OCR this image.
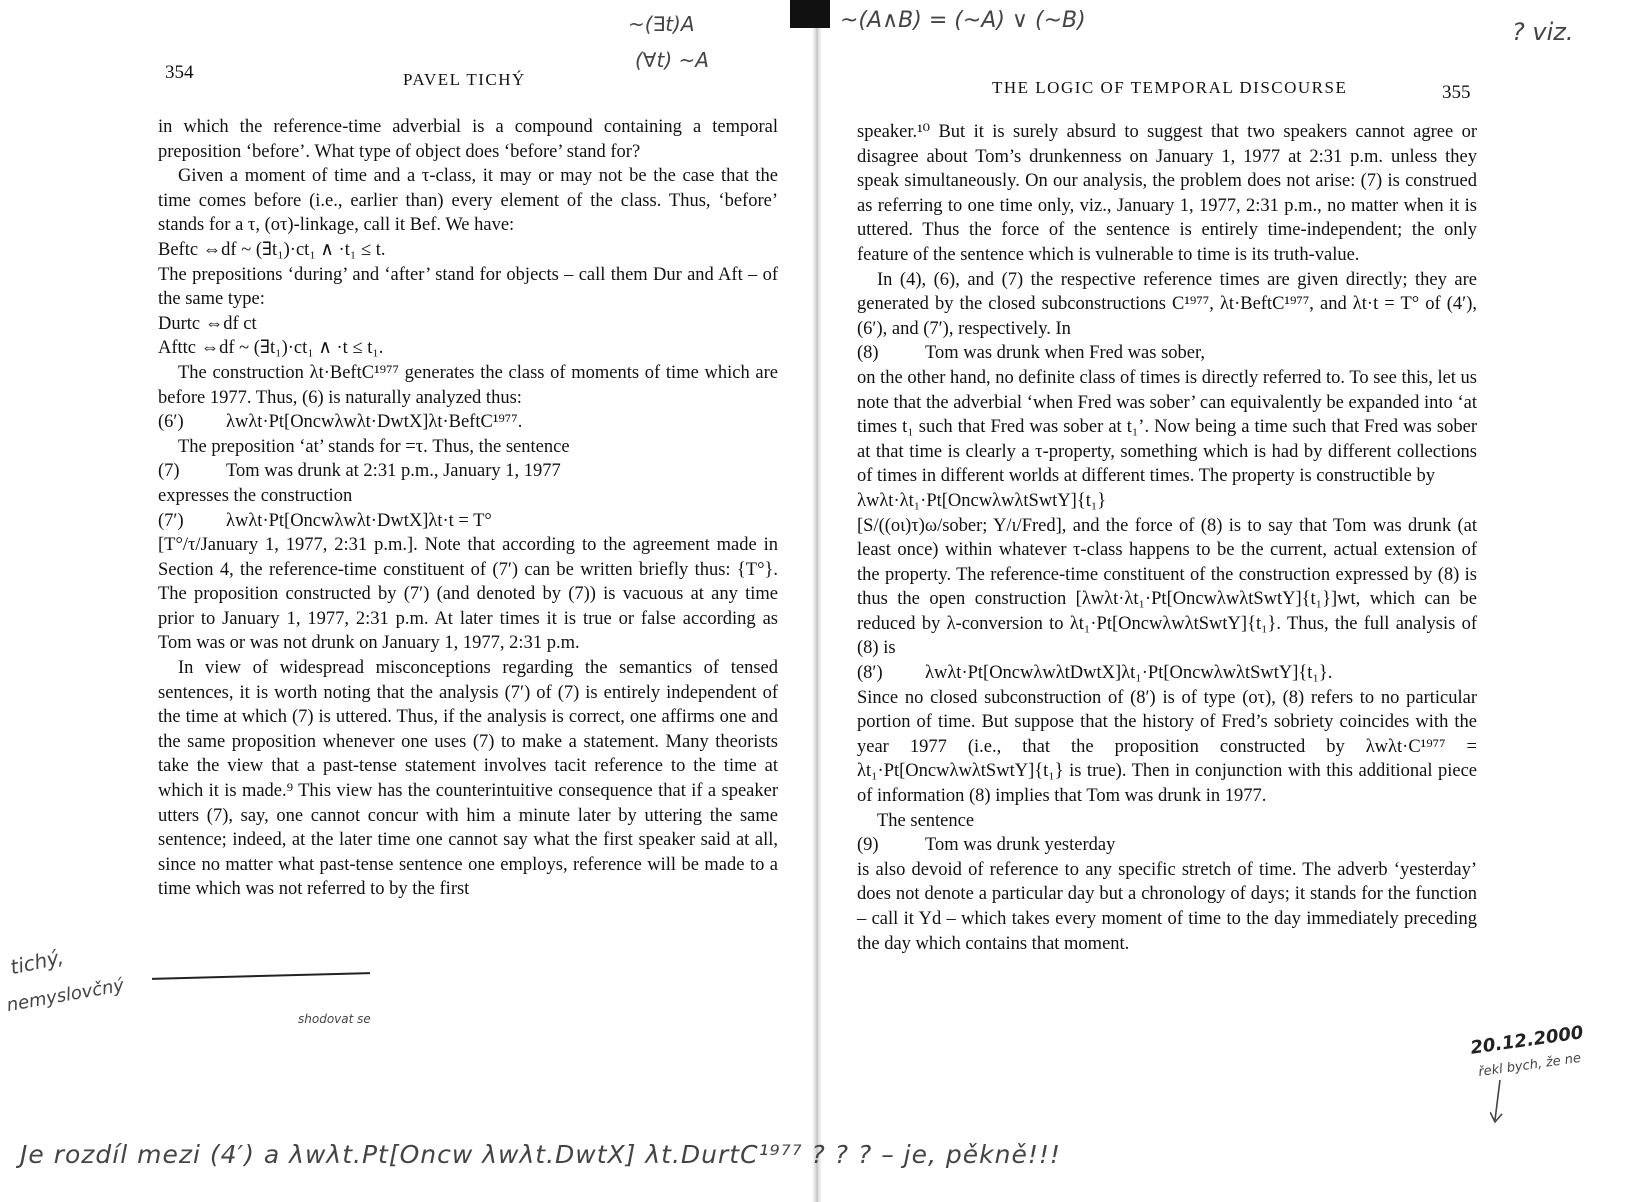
354	PAVEL TICHÝ

in which the reference-time adverbial is a compound containing a temporal preposition ‘before’. What type of object does ‘before’ stand for?

Given a moment of time and a τ-class, it may or may not be the case that the time comes before (i.e., earlier than) every element of the class. Thus, ‘before’ stands for a τ, (oτ)-linkage, call it Bef. We have:

Beftc ⇔df ~ (∃t₁)·ct₁ ∧ ·t₁ ≤ t.

The prepositions ‘during’ and ‘after’ stand for objects – call them Dur and Aft – of the same type:

Durtc ⇔df ct

Afttc ⇔df ~ (∃t₁)·ct₁ ∧ ·t ≤ t₁.

The construction λt·BeftC¹⁹⁷⁷ generates the class of moments of time which are before 1977. Thus, (6) is naturally analyzed thus:

(6′) λwλt·Pt[Oncwλwλt·DwtX]λt·BeftC¹⁹⁷⁷.

The preposition ‘at’ stands for =τ. Thus, the sentence

(7)	Tom was drunk at 2:31 p.m., January 1, 1977

expresses the construction

(7′) λwλt·Pt[Oncwλwλt·DwtX]λt·t = T°

[T°/τ/January 1, 1977, 2:31 p.m.]. Note that according to the agreement made in Section 4, the reference-time constituent of (7′) can be written briefly thus: {T°}. The proposition constructed by (7′) (and denoted by (7)) is vacuous at any time prior to January 1, 1977, 2:31 p.m. At later times it is true or false according as Tom was or was not drunk on January 1, 1977, 2:31 p.m.

In view of widespread misconceptions regarding the semantics of tensed sentences, it is worth noting that the analysis (7′) of (7) is entirely independent of the time at which (7) is uttered. Thus, if the analysis is correct, one affirms one and the same proposition whenever one uses (7) to make a statement. Many theorists take the view that a past-tense statement involves tacit reference to the time at which it is made.⁹ This view has the counterintuitive consequence that if a speaker utters (7), say, one cannot concur with him a minute later by uttering the same sentence; indeed, at the later time one cannot say what the first speaker said at all, since no matter what past-tense sentence one employs, reference will be made to a time which was not referred to by the first

THE LOGIC OF TEMPORAL DISCOURSE	355

speaker.¹⁰ But it is surely absurd to suggest that two speakers cannot agree or disagree about Tom’s drunkenness on January 1, 1977 at 2:31 p.m. unless they speak simultaneously. On our analysis, the problem does not arise: (7) is construed as referring to one time only, viz., January 1, 1977, 2:31 p.m., no matter when it is uttered. Thus the force of the sentence is entirely time-independent; the only feature of the sentence which is vulnerable to time is its truth-value.

In (4), (6), and (7) the respective reference times are given directly; they are generated by the closed subconstructions C¹⁹⁷⁷, λt·BeftC¹⁹⁷⁷, and λt·t = T° of (4′), (6′), and (7′), respectively. In

(8)	Tom was drunk when Fred was sober,

on the other hand, no definite class of times is directly referred to. To see this, let us note that the adverbial ‘when Fred was sober’ can equivalently be expanded into ‘at times t₁ such that Fred was sober at t₁’. Now being a time such that Fred was sober at that time is clearly a τ-property, something which is had by different collections of times in different worlds at different times. The property is constructible by

λwλt·λt₁·Pt[OncwλwλtSwtY]{t₁}

[S/((oι)τ)ω/sober; Y/ι/Fred], and the force of (8) is to say that Tom was drunk (at least once) within whatever τ-class happens to be the current, actual extension of the property. The reference-time constituent of the construction expressed by (8) is thus the open construction [λwλt·λt₁·Pt[OncwλwλtSwtY]{t₁}]wt, which can be reduced by λ-conversion to λt₁·Pt[OncwλwλtSwtY]{t₁}. Thus, the full analysis of (8) is

(8′) λwλt·Pt[OncwλwλtDwtX]λt₁·Pt[OncwλwλtSwtY]{t₁}.

Since no closed subconstruction of (8′) is of type (oτ), (8) refers to no particular portion of time. But suppose that the history of Fred’s sobriety coincides with the year 1977 (i.e., that the proposition constructed by λwλt·C¹⁹⁷⁷ = λt₁·Pt[OncwλwλtSwtY]{t₁} is true). Then in conjunction with this additional piece of information (8) implies that Tom was drunk in 1977.

The sentence

(9)	Tom was drunk yesterday

is also devoid of reference to any specific stretch of time. The adverb ‘yesterday’ does not denote a particular day but a chronology of days; it stands for the function – call it Yd – which takes every moment of time to the day immediately preceding the day which contains that moment.

~(∃t)A
(∀t) ~A
~(A∧B) = (~A) ∨ (~B)	? viz.
tichý,
nemyslovčný
shodovat se
20.12.2000
řekl bych, že ne
Je rozdíl mezi (4′) a λwλt.Pt[Oncw λwλt.DwtX] λt.DurtC¹⁹⁷⁷ ? ? ? – je, pěkně!!!
